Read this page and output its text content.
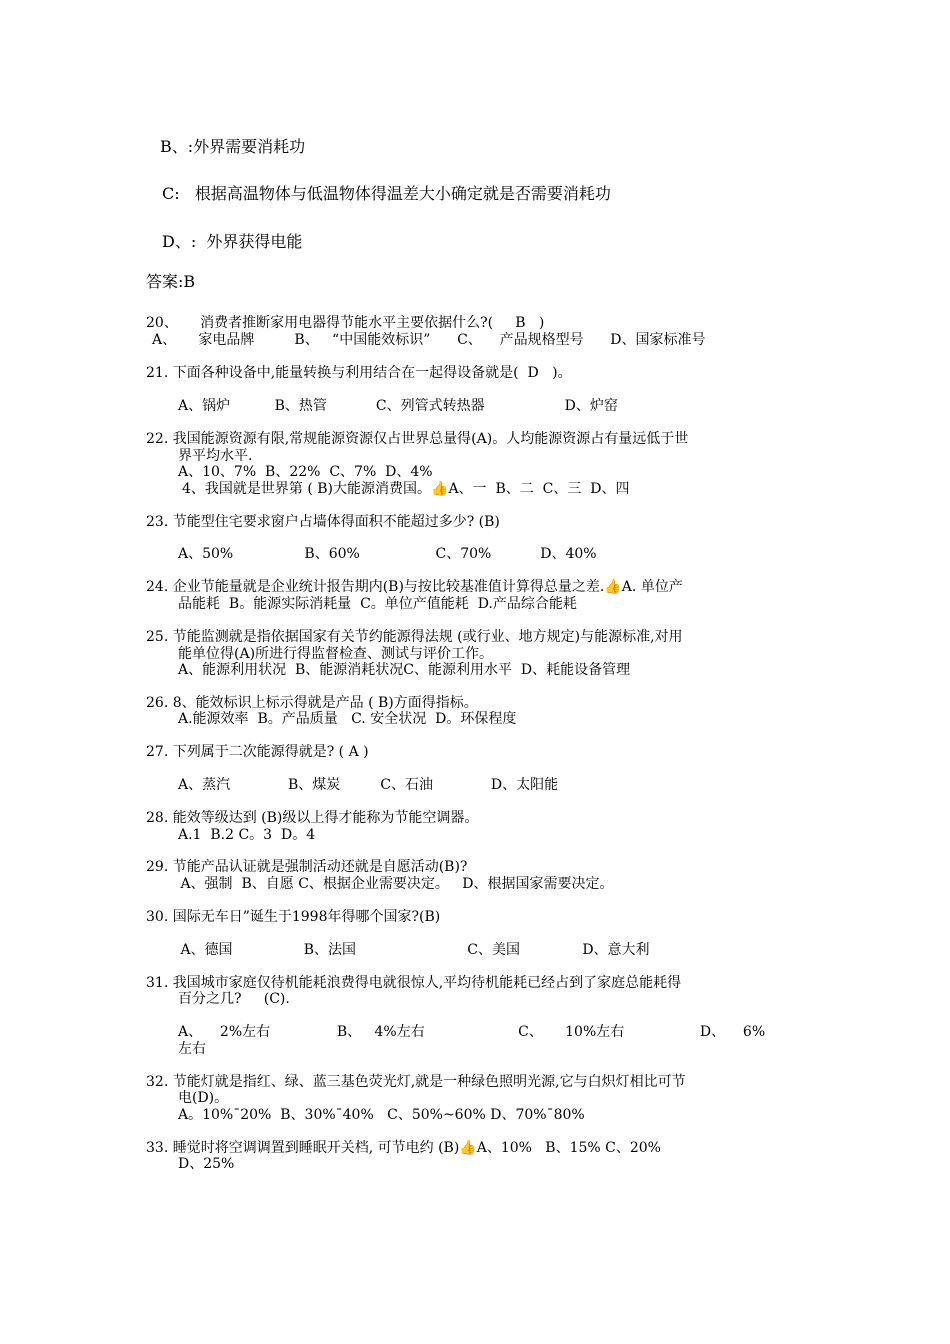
B、:外界需要消耗功
C:   根据高温物体与低温物体得温差大小确定就是否需要消耗功
D、:  外界获得电能
答案:B
20、     消费者推断家用电器得节能水平主要依据什么?(     B   )
A、     家电品牌         B、   “中国能效标识”      C、    产品规格型号      D、国家标准号
21. 下面各种设备中,能量转换与利用结合在一起得设备就是(  D   )。
A、锅炉          B、热管           C、列管式转热器                  D、炉窑
22. 我国能源资源有限,常规能源资源仅占世界总量得(A)。人均能源资源占有量远低于世
界平均水平.
A、10、7%  B、22%  C、7%  D、4%
4、我国就是世界第 ( B)大能源消费国。👍A、一  B、二  C、三  D、四
23. 节能型住宅要求窗户占墙体得面积不能超过多少? (B)
A、50%                B、60%                 C、70%           D、40%
24. 企业节能量就是企业统计报告期内(B)与按比较基准值计算得总量之差.👍A. 单位产
品能耗  B。能源实际消耗量  C。单位产值能耗  D.产品综合能耗
25. 节能监测就是指依据国家有关节约能源得法规 (或行业、地方规定)与能源标准,对用
能单位得(A)所进行得监督检查、测试与评价工作。
A、能源利用状况  B、能源消耗状况C、能源利用水平  D、耗能设备管理
26. 8、能效标识上标示得就是产品 ( B)方面得指标。
A.能源效率  B。产品质量   C. 安全状况  D。环保程度
27. 下列属于二次能源得就是? ( A )
A、蒸汽             B、煤炭         C、石油             D、太阳能
28. 能效等级达到 (B)级以上得才能称为节能空调器。
A.1  B.2 C。3  D。4
29. 节能产品认证就是强制活动还就是自愿活动(B)?
A、强制  B、自愿 C、根据企业需要决定。   D、根据国家需要决定。
30. 国际无车日”诞生于1998年得哪个国家?(B)
A、德国                B、法国                         C、美国              D、意大利
31. 我国城市家庭仅待机能耗浪费得电就很惊人,平均待机能耗已经占到了家庭总能耗得
百分之几?     (C).
A、    2%左右               B、   4%左右                     C、     10%左右                 D、    6%
左右
32. 节能灯就是指红、绿、蓝三基色荧光灯,就是一种绿色照明光源,它与白炽灯相比可节
电(D)。
A。10%¯20%  B、30%¯40%   C、50%~60% D、70%¯80%
33. 睡觉时将空调调置到睡眠开关档, 可节电约 (B)👍A、10%   B、15% C、20%
D、25%
